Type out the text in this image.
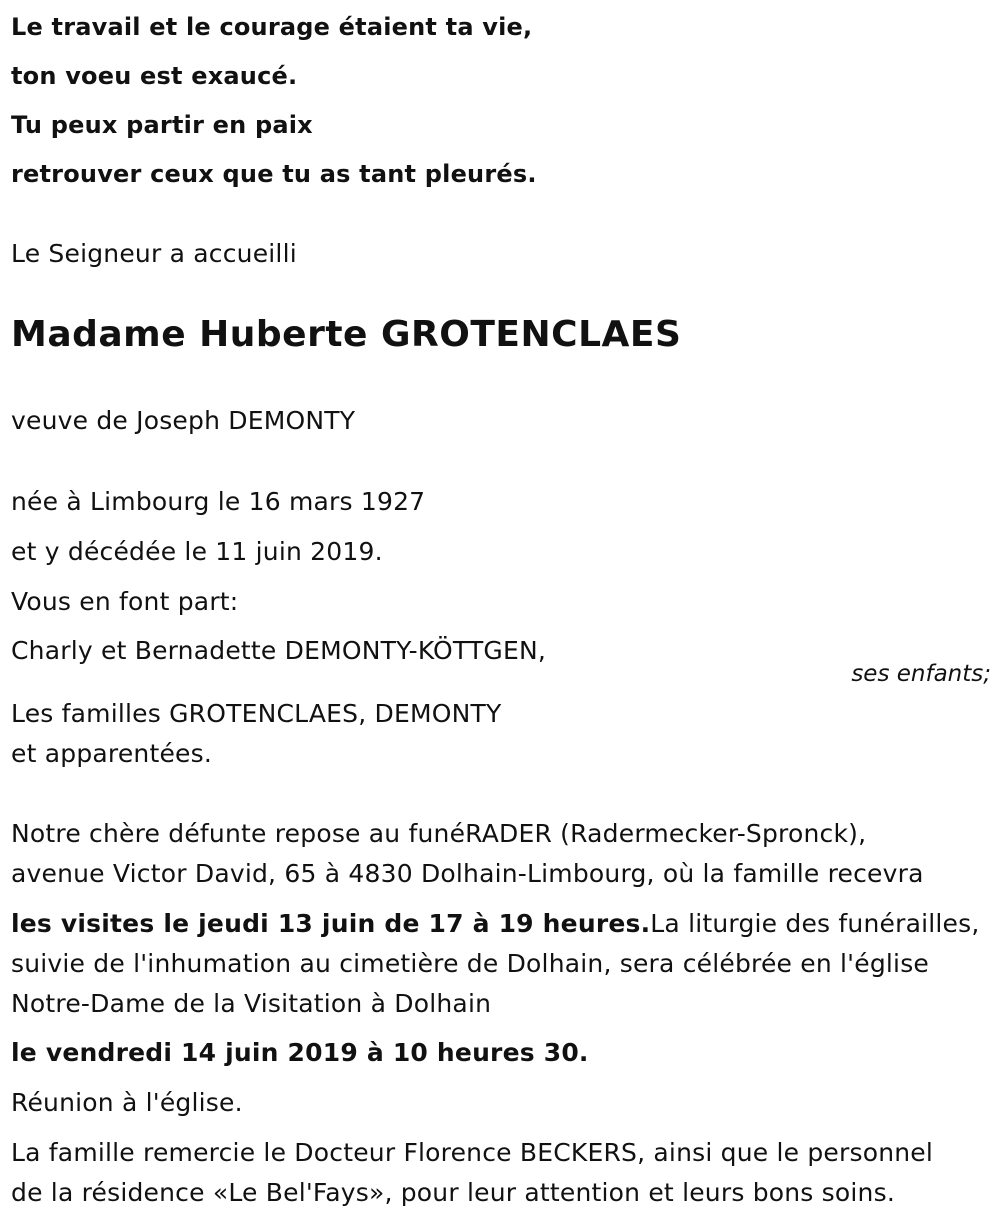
Le travail et le courage étaient ta vie,
ton voeu est exaucé.
Tu peux partir en paix
retrouver ceux que tu as tant pleurés.
Le Seigneur a accueilli
Madame Huberte GROTENCLAES
veuve de Joseph DEMONTY
née à Limbourg le 16 mars 1927
et y décédée le 11 juin 2019.
Vous en font part:
Charly et Bernadette DEMONTY-KÖTTGEN,
ses enfants;
Les familles GROTENCLAES, DEMONTY
et apparentées.
Notre chère défunte repose au funéRADER (Radermecker-Spronck),
avenue Victor David, 65 à 4830 Dolhain-Limbourg, où la famille recevra
les visites le jeudi 13 juin de 17 à 19 heures.La liturgie des funérailles,
suivie de l'inhumation au cimetière de Dolhain, sera célébrée en l'église
Notre-Dame de la Visitation à Dolhain
le vendredi 14 juin 2019 à 10 heures 30.
Réunion à l'église.
La famille remercie le Docteur Florence BECKERS, ainsi que le personnel
de la résidence «Le Bel'Fays», pour leur attention et leurs bons soins.
